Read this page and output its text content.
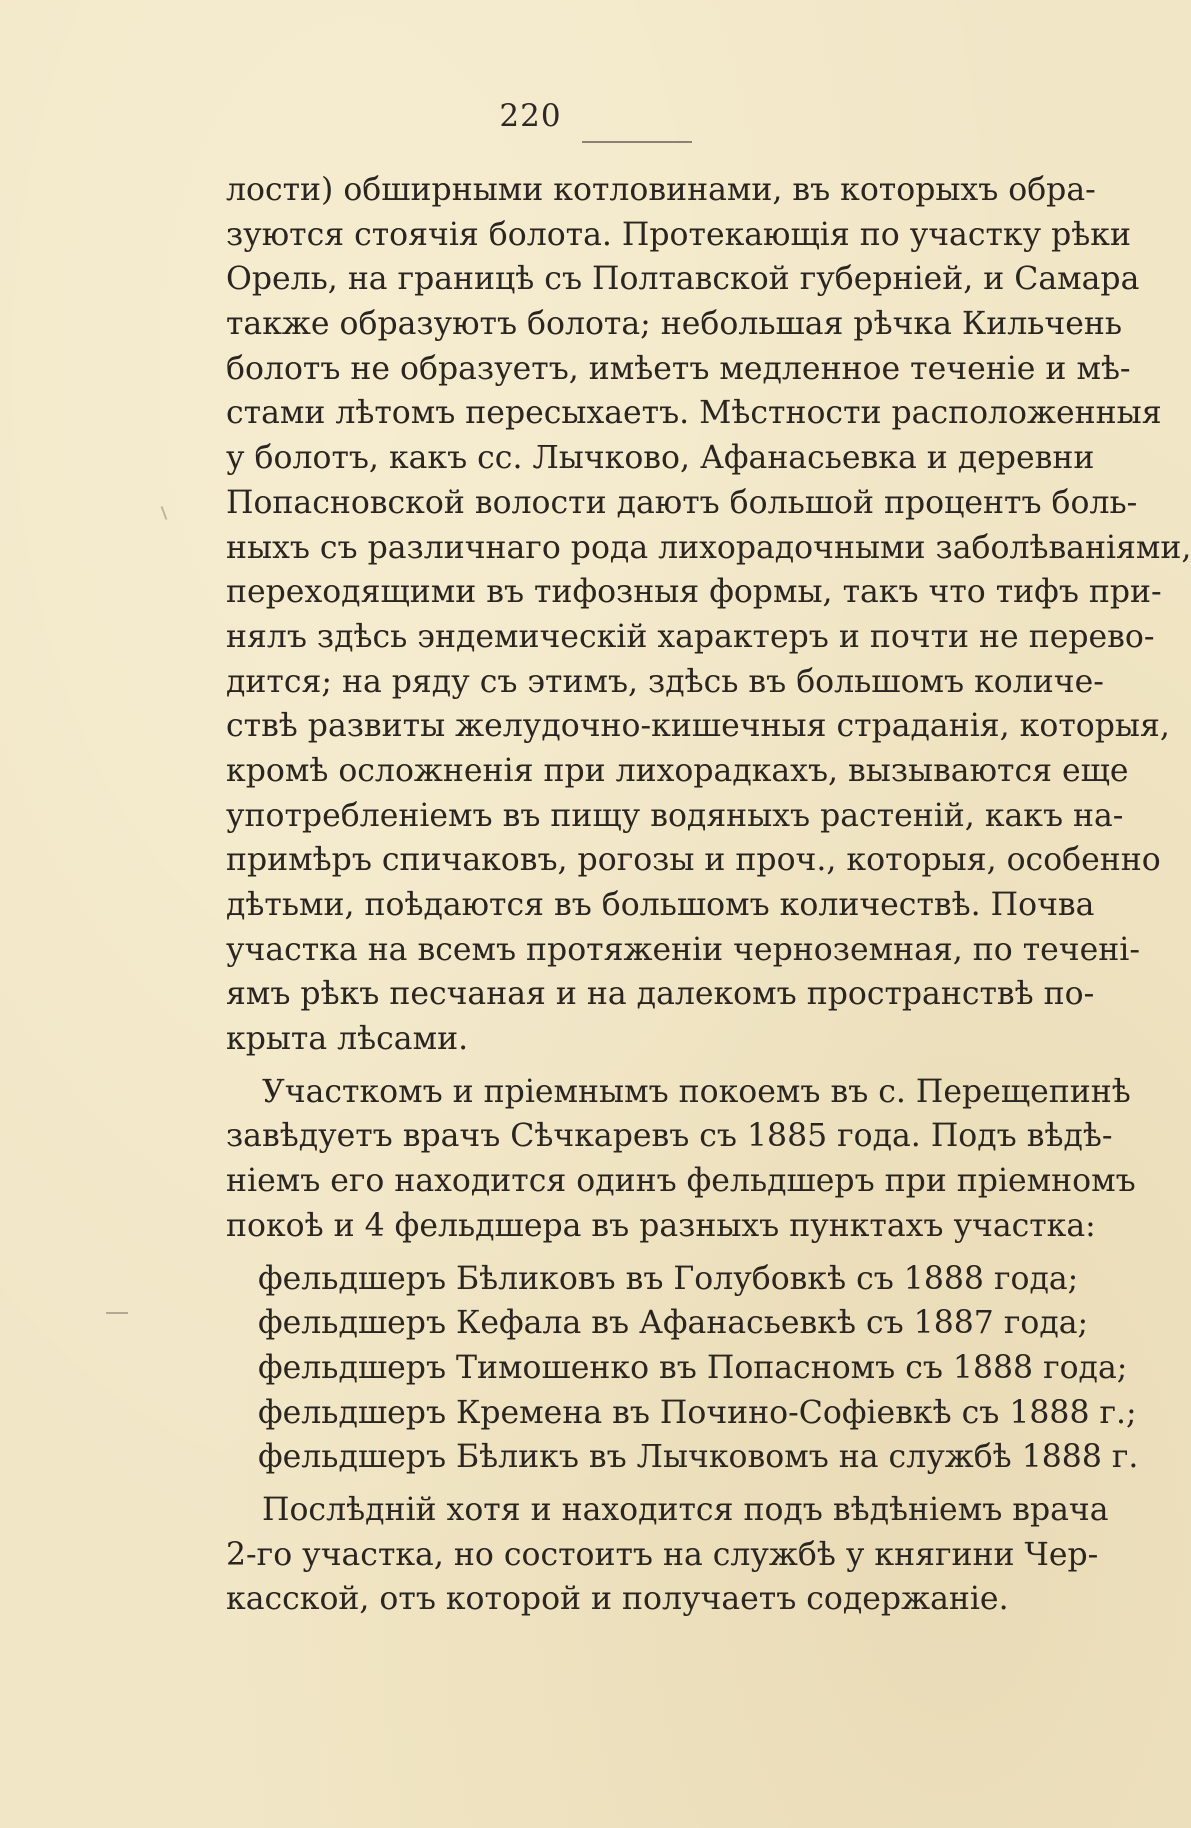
220
лости) обширными котловинами, въ которыхъ обра-
зуются стоячія болота. Протекающія по участку рѣки
Орель, на границѣ съ Полтавской губерніей, и Самара
также образуютъ болота; небольшая рѣчка Кильчень
болотъ не образуетъ, имѣетъ медленное теченіе и мѣ-
стами лѣтомъ пересыхаетъ. Мѣстности расположенныя
у болотъ, какъ сс. Лычково, Афанасьевка и деревни
Попасновской волости даютъ большой процентъ боль-
ныхъ съ различнаго рода лихорадочными заболѣваніями,
переходящими въ тифозныя формы, такъ что тифъ при-
нялъ здѣсь эндемическій характеръ и почти не перево-
дится; на ряду съ этимъ, здѣсь въ большомъ количе-
ствѣ развиты желудочно-кишечныя страданія, которыя,
кромѣ осложненія при лихорадкахъ, вызываются еще
употребленіемъ въ пищу водяныхъ растеній, какъ на-
примѣръ спичаковъ, рогозы и проч., которыя, особенно
дѣтьми, поѣдаются въ большомъ количествѣ. Почва
участка на всемъ протяженіи черноземная, по теченi-
ямъ рѣкъ песчаная и на далекомъ пространствѣ по-
крыта лѣсами.
Участкомъ и пріемнымъ покоемъ въ с. Перещепинѣ
завѣдуетъ врачъ Сѣчкаревъ съ 1885 года. Подъ вѣдѣ-
ніемъ его находится одинъ фельдшеръ при пріемномъ
покоѣ и 4 фельдшера въ разныхъ пунктахъ участка:
фельдшеръ Бѣликовъ въ Голубовкѣ съ 1888 года;
фельдшеръ Кефала въ Афанасьевкѣ съ 1887 года;
фельдшеръ Тимошенко въ Попасномъ съ 1888 года;
фельдшеръ Кремена въ Почино-Софіевкѣ съ 1888 г.;
фельдшеръ Бѣликъ въ Лычковомъ на службѣ 1888 г.
Послѣдній хотя и находится подъ вѣдѣніемъ врача
2-го участка, но состоитъ на службѣ у княгини Чер-
касской, отъ которой и получаетъ содержаніе.
